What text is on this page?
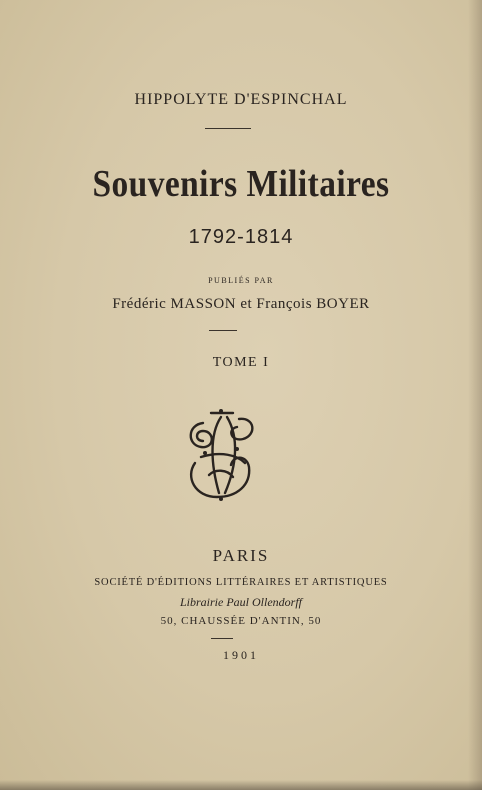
HIPPOLYTE D'ESPINCHAL
Souvenirs Militaires
1792-1814
PUBLIÉS PAR
Frédéric MASSON et François BOYER
TOME I
PARIS
SOCIÉTÉ D'ÉDITIONS LITTÉRAIRES ET ARTISTIQUES
Librairie Paul Ollendorff
50, CHAUSSÉE D'ANTIN, 50
1901
